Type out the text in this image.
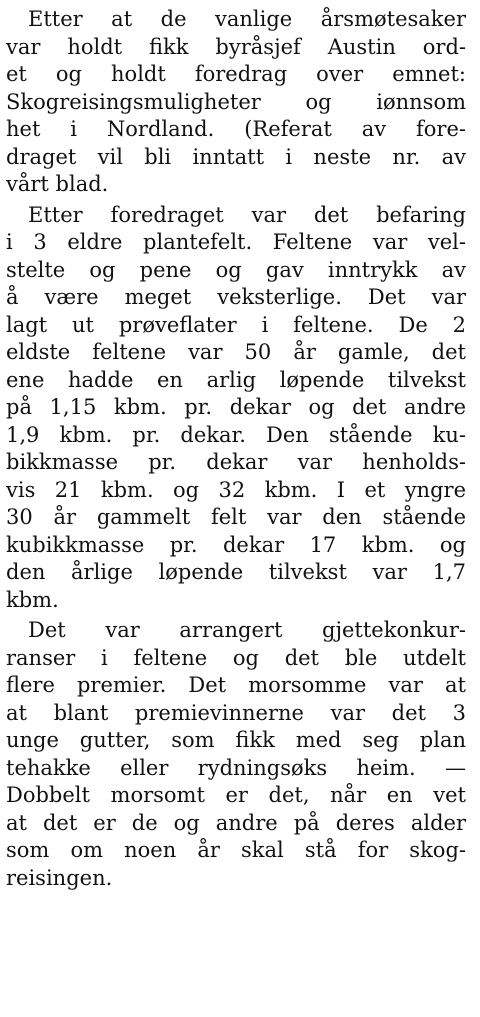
Etter at de vanlige årsmøtesaker
var holdt fikk byråsjef Austin ord-
et og holdt foredrag over emnet:
Skogreisingsmuligheter og iønnsom
het i Nordland. (Referat av fore-
draget vil bli inntatt i neste nr. av
vårt blad.
Etter foredraget var det befaring
i 3 eldre plantefelt. Feltene var vel-
stelte og pene og gav inntrykk av
å være meget veksterlige. Det var
lagt ut prøveflater i feltene. De 2
eldste feltene var 50 år gamle, det
ene hadde en arlig løpende tilvekst
på 1,15 kbm. pr. dekar og det andre
1,9 kbm. pr. dekar. Den stående ku-
bikkmasse pr. dekar var henholds-
vis 21 kbm. og 32 kbm. I et yngre
30 år gammelt felt var den stående
kubikkmasse pr. dekar 17 kbm. og
den årlige løpende tilvekst var 1,7
kbm.
Det var arrangert gjettekonkur-
ranser i feltene og det ble utdelt
flere premier. Det morsomme var at
at blant premievinnerne var det 3
unge gutter, som fikk med seg plan
tehakke eller rydningsøks heim. —
Dobbelt morsomt er det, når en vet
at det er de og andre på deres alder
som om noen år skal stå for skog-
reisingen.
